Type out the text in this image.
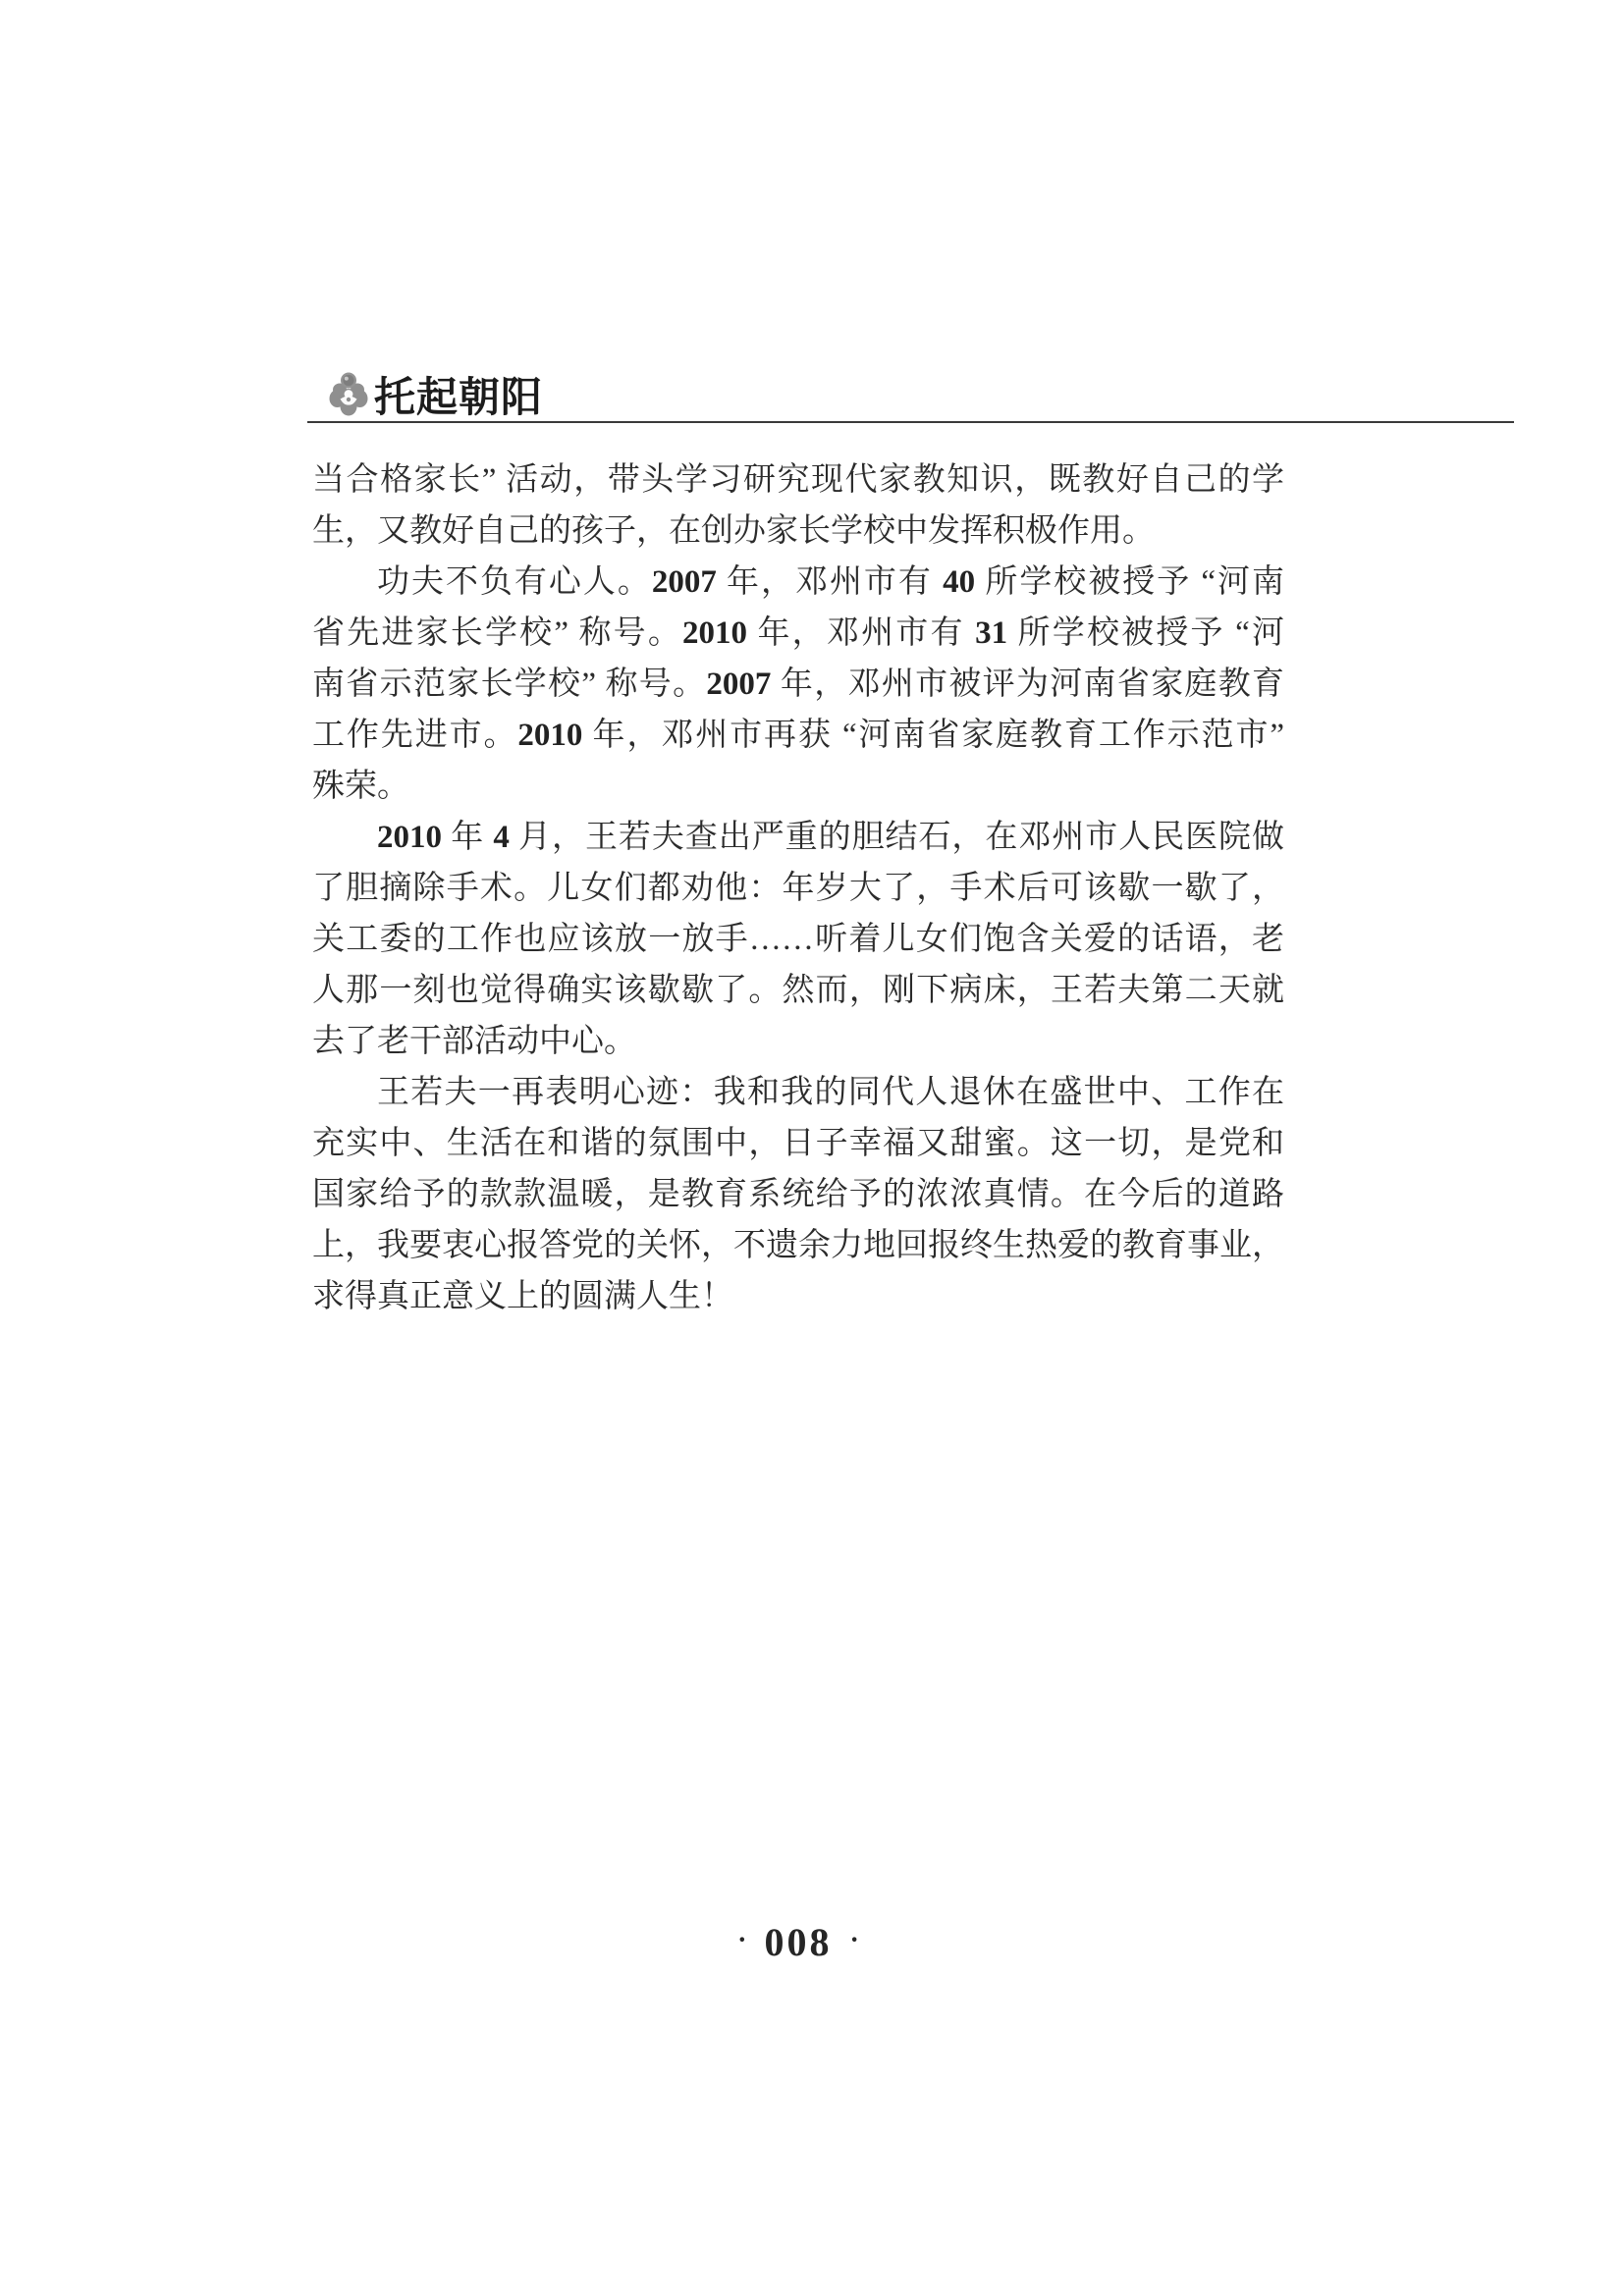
托起朝阳
当合格家长” 活动，带头学习研究现代家教知识，既教好自己的学
生，又教好自己的孩子，在创办家长学校中发挥积极作用。
功夫不负有心人。2007 年，邓州市有 40 所学校被授予 “河南
省先进家长学校” 称号。2010 年，邓州市有 31 所学校被授予 “河
南省示范家长学校” 称号。2007 年，邓州市被评为河南省家庭教育
工作先进市。2010 年，邓州市再获 “河南省家庭教育工作示范市”
殊荣。
2010 年 4 月，王若夫查出严重的胆结石，在邓州市人民医院做
了胆摘除手术。儿女们都劝他：年岁大了，手术后可该歇一歇了，
关工委的工作也应该放一放手……听着儿女们饱含关爱的话语，老
人那一刻也觉得确实该歇歇了。然而，刚下病床，王若夫第二天就
去了老干部活动中心。
王若夫一再表明心迹：我和我的同代人退休在盛世中、工作在
充实中、生活在和谐的氛围中，日子幸福又甜蜜。这一切，是党和
国家给予的款款温暖，是教育系统给予的浓浓真情。在今后的道路
上，我要衷心报答党的关怀，不遗余力地回报终生热爱的教育事业，
求得真正意义上的圆满人生！
· 008 ·
